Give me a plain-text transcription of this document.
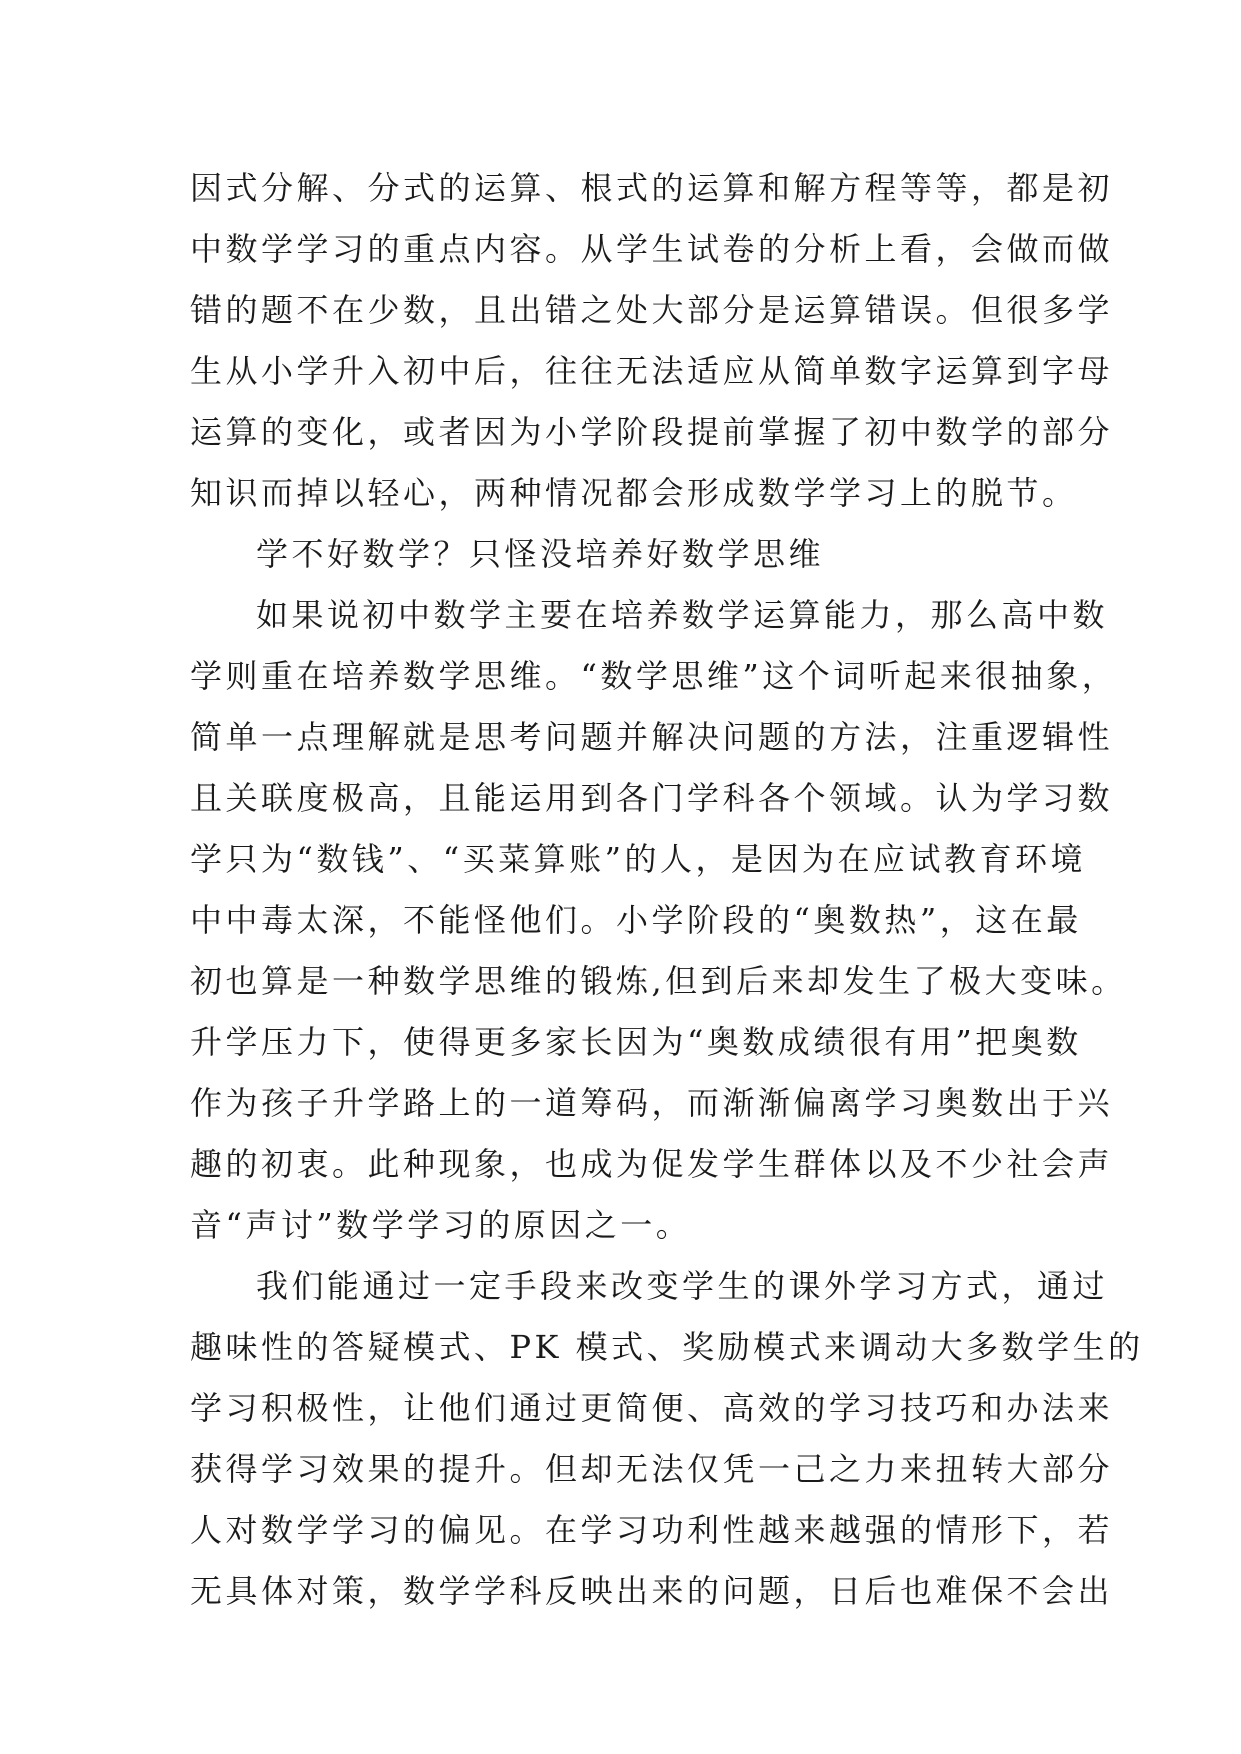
因式分解、分式的运算、根式的运算和解方程等等，都是初
中数学学习的重点内容。从学生试卷的分析上看，会做而做
错的题不在少数，且出错之处大部分是运算错误。但很多学
生从小学升入初中后，往往无法适应从简单数字运算到字母
运算的变化，或者因为小学阶段提前掌握了初中数学的部分
知识而掉以轻心，两种情况都会形成数学学习上的脱节。
学不好数学？只怪没培养好数学思维
如果说初中数学主要在培养数学运算能力，那么高中数
学则重在培养数学思维。“数学思维”这个词听起来很抽象，
简单一点理解就是思考问题并解决问题的方法，注重逻辑性
且关联度极高，且能运用到各门学科各个领域。认为学习数
学只为“数钱”、“买菜算账”的人，是因为在应试教育环境
中中毒太深，不能怪他们。小学阶段的“奥数热”，这在最
初也算是一种数学思维的锻炼,但到后来却发生了极大变味。
升学压力下，使得更多家长因为“奥数成绩很有用”把奥数
作为孩子升学路上的一道筹码，而渐渐偏离学习奥数出于兴
趣的初衷。此种现象，也成为促发学生群体以及不少社会声
音“声讨”数学学习的原因之一。
我们能通过一定手段来改变学生的课外学习方式，通过
趣味性的答疑模式、PK 模式、奖励模式来调动大多数学生的
学习积极性，让他们通过更简便、高效的学习技巧和办法来
获得学习效果的提升。但却无法仅凭一己之力来扭转大部分
人对数学学习的偏见。在学习功利性越来越强的情形下，若
无具体对策，数学学科反映出来的问题，日后也难保不会出
